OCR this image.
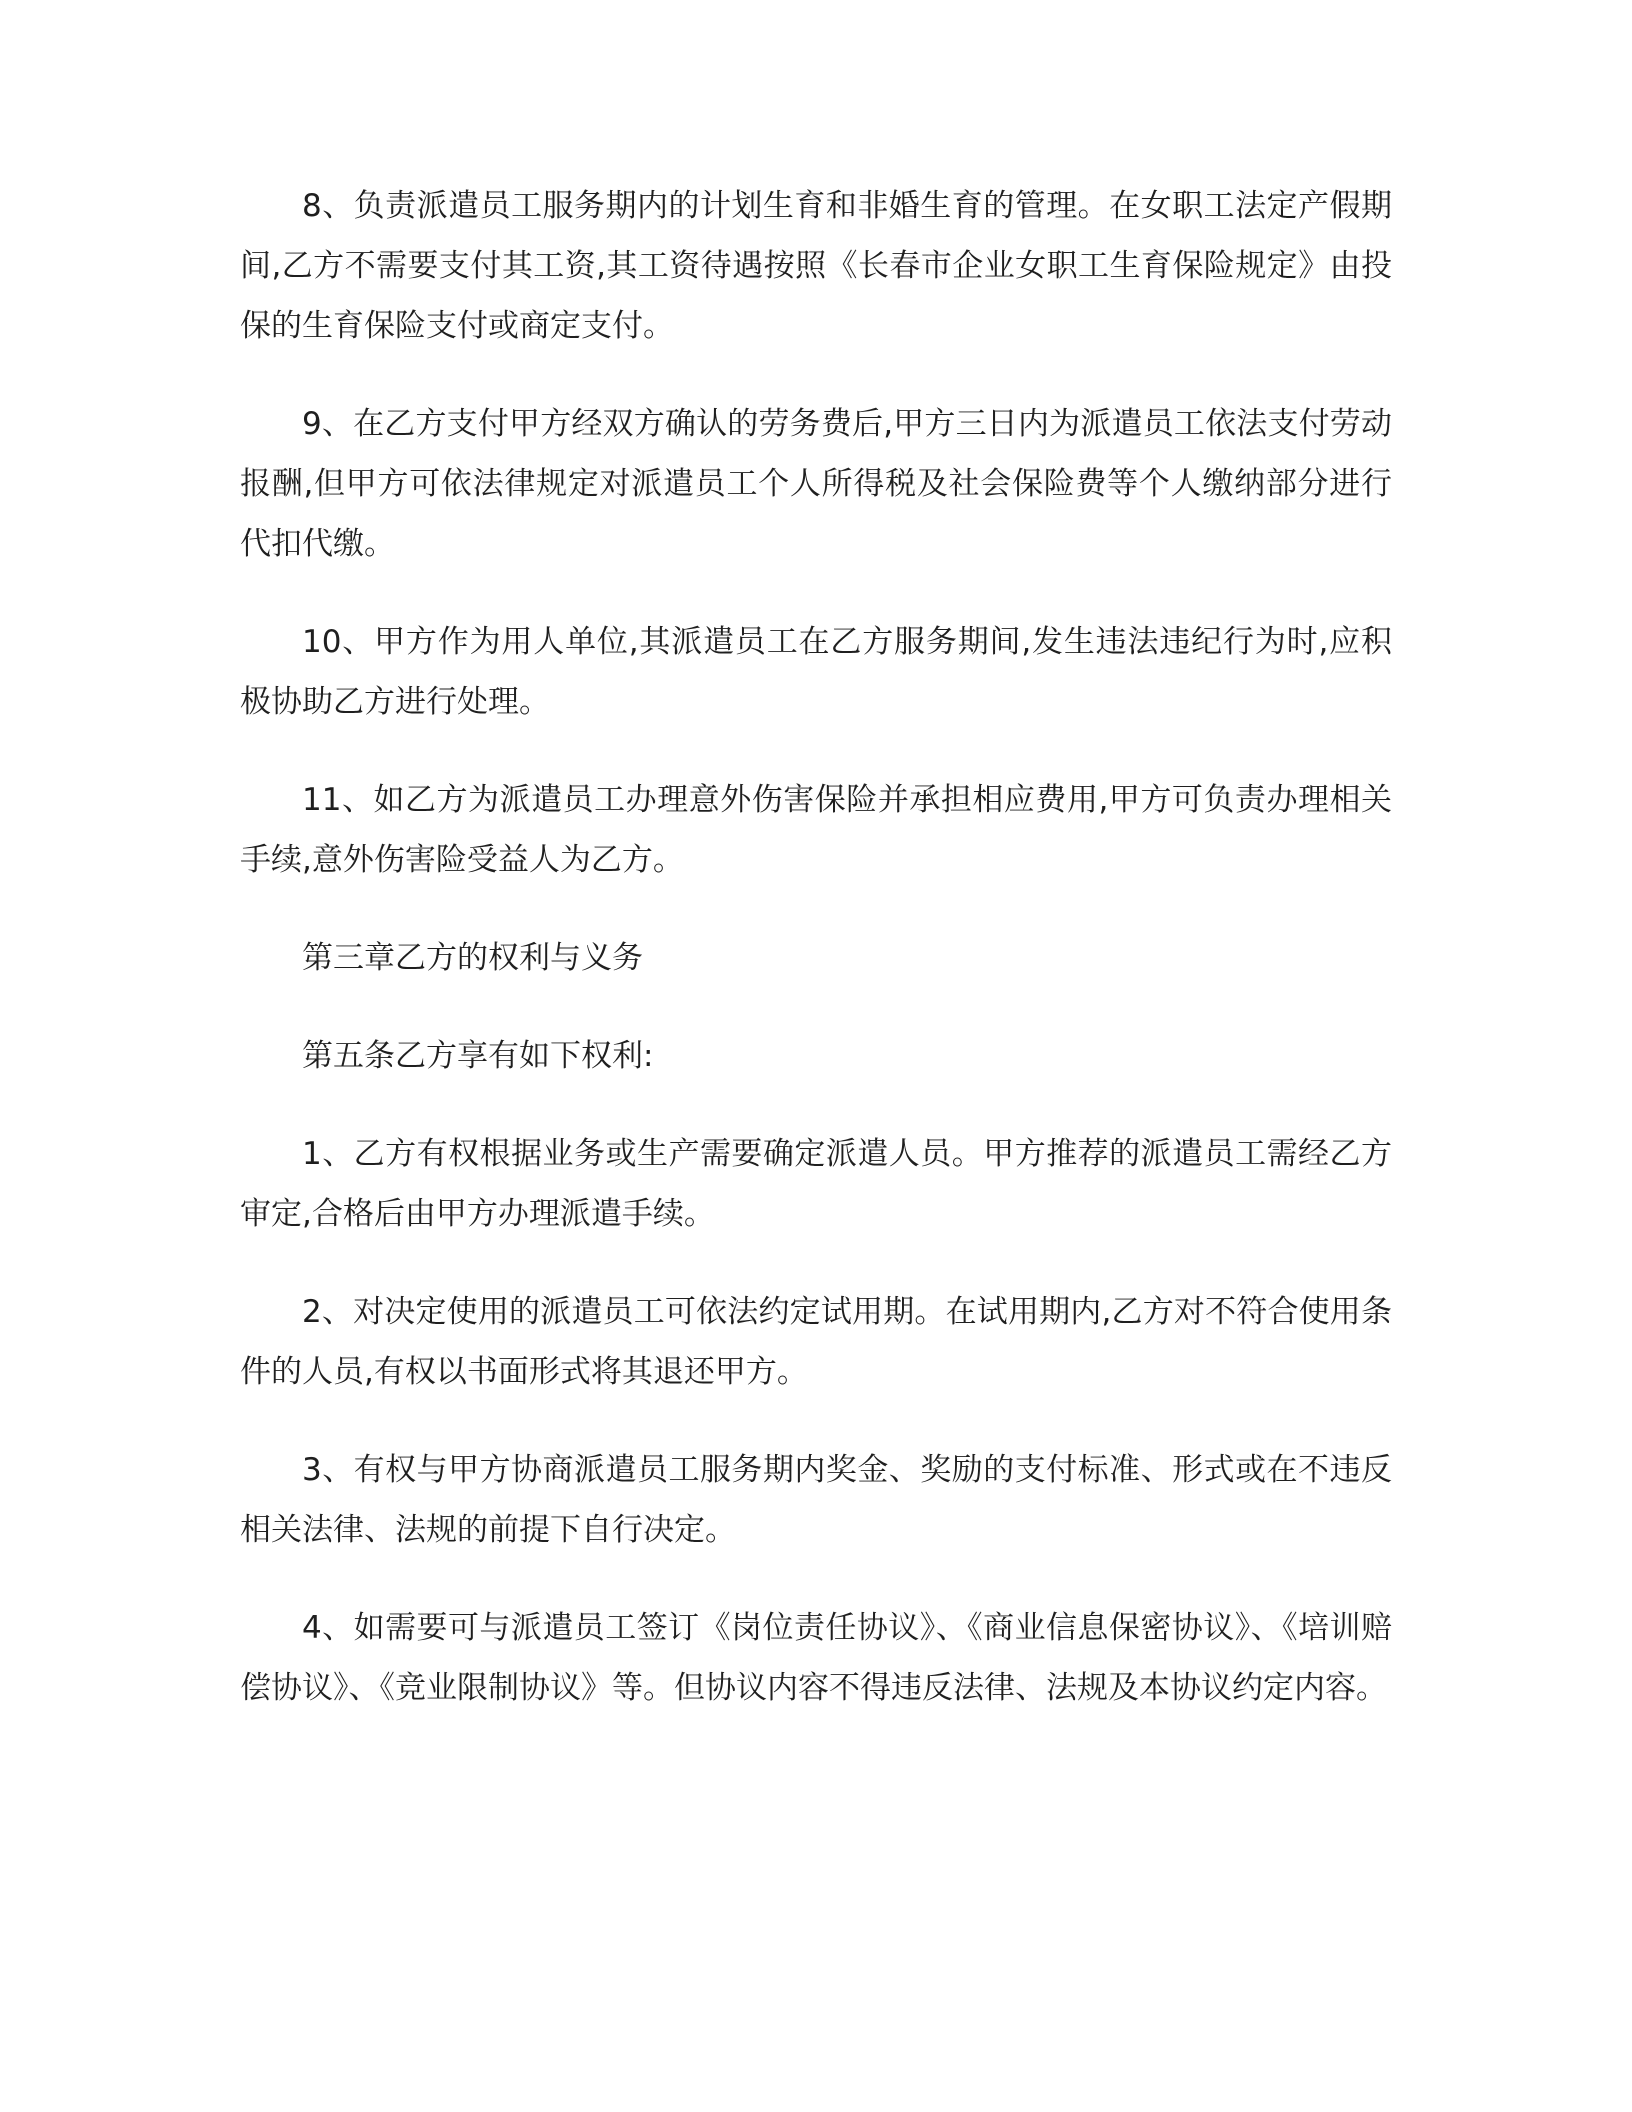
8、负责派遣员工服务期内的计划生育和非婚生育的管理。在女职工法定产假期间,乙方不需要支付其工资,其工资待遇按照《长春市企业女职工生育保险规定》由投保的生育保险支付或商定支付。

9、在乙方支付甲方经双方确认的劳务费后,甲方三日内为派遣员工依法支付劳动报酬,但甲方可依法律规定对派遣员工个人所得税及社会保险费等个人缴纳部分进行代扣代缴。

10、甲方作为用人单位,其派遣员工在乙方服务期间,发生违法违纪行为时,应积极协助乙方进行处理。

11、如乙方为派遣员工办理意外伤害保险并承担相应费用,甲方可负责办理相关手续,意外伤害险受益人为乙方。

第三章乙方的权利与义务

第五条乙方享有如下权利:

1、乙方有权根据业务或生产需要确定派遣人员。甲方推荐的派遣员工需经乙方审定,合格后由甲方办理派遣手续。

2、对决定使用的派遣员工可依法约定试用期。在试用期内,乙方对不符合使用条件的人员,有权以书面形式将其退还甲方。

3、有权与甲方协商派遣员工服务期内奖金、奖励的支付标准、形式或在不违反相关法律、法规的前提下自行决定。

4、如需要可与派遣员工签订《岗位责任协议》、《商业信息保密协议》、《培训赔偿协议》、《竞业限制协议》等。但协议内容不得违反法律、法规及本协议约定内容。
